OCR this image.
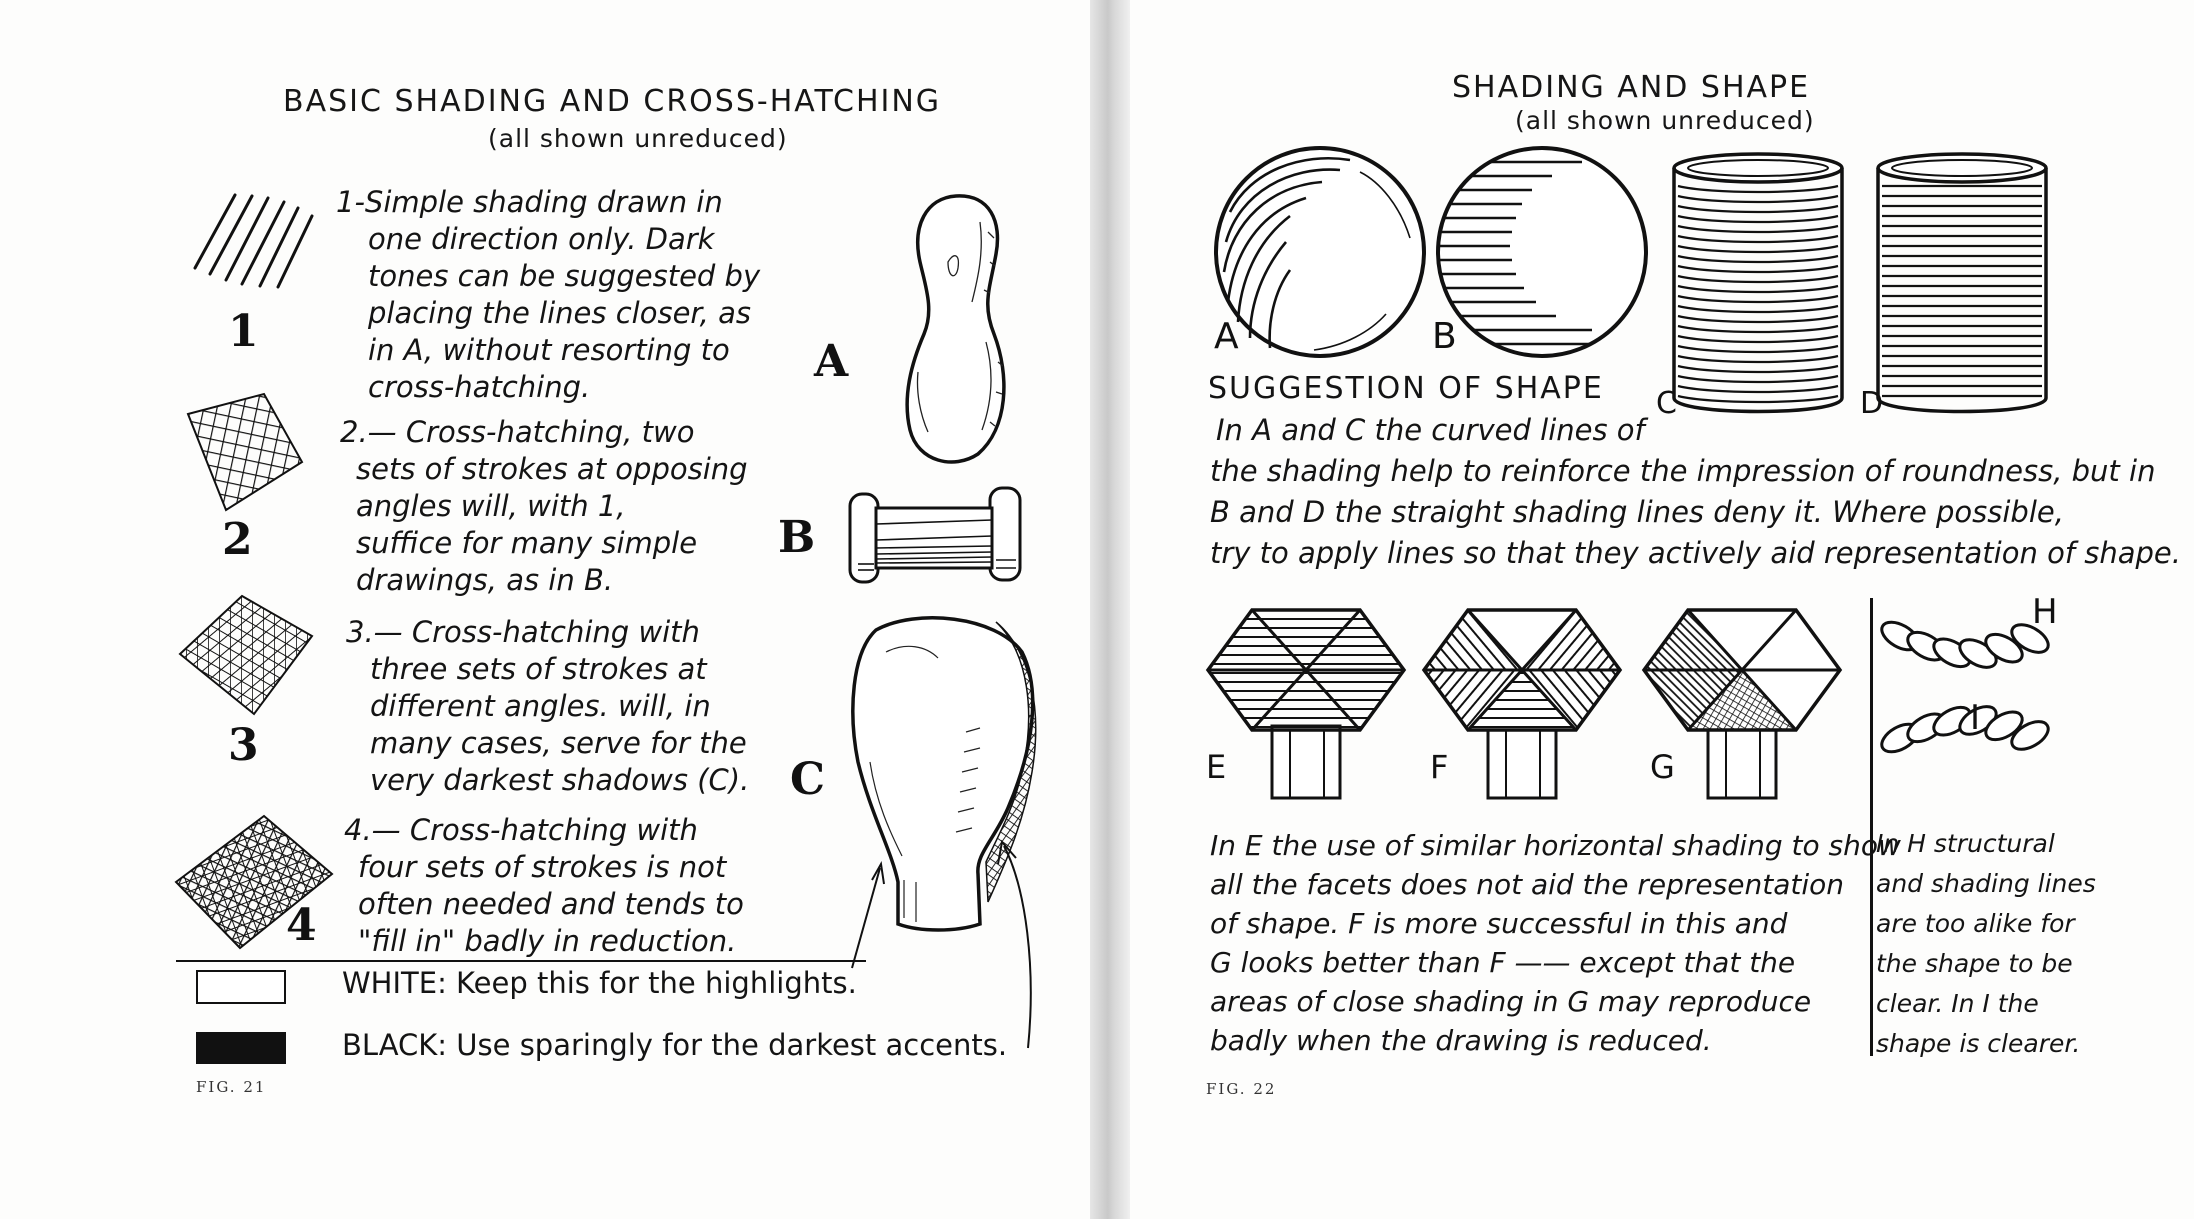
BASIC SHADING AND CROSS-HATCHING
(all shown unreduced)
1
2
3
4
1-Simple shading drawn in
one direction only. Dark
tones can be suggested by
placing the lines closer, as
in A, without resorting to
cross-hatching.
2.— Cross-hatching, two
sets of strokes at opposing
angles will, with 1,
suffice for many simple
drawings, as in B.
3.— Cross-hatching with
three sets of strokes at
different angles. will, in
many cases, serve for the
very darkest shadows (C).
4.— Cross-hatching with
four sets of strokes is not
often needed and tends to
"fill in" badly in reduction.
A
B
C
WHITE: Keep this for the highlights.
BLACK: Use sparingly for the darkest accents.
FIG. 21
SHADING AND SHAPE
(all shown unreduced)
A	B
C	D
SUGGESTION OF SHAPE
In A and C the curved lines of
the shading help to reinforce the impression of roundness, but in
B and D the straight shading lines deny it. Where possible,
try to apply lines so that they actively aid representation of shape.
E	F	G
H
I
In E the use of similar horizontal shading to show
all the facets does not aid the representation
of shape. F is more successful in this and
G looks better than F —— except that the
areas of close shading in G may reproduce
badly when the drawing is reduced.
In H structural
and shading lines
are too alike for
the shape to be
clear. In I the
shape is clearer.
FIG. 22
